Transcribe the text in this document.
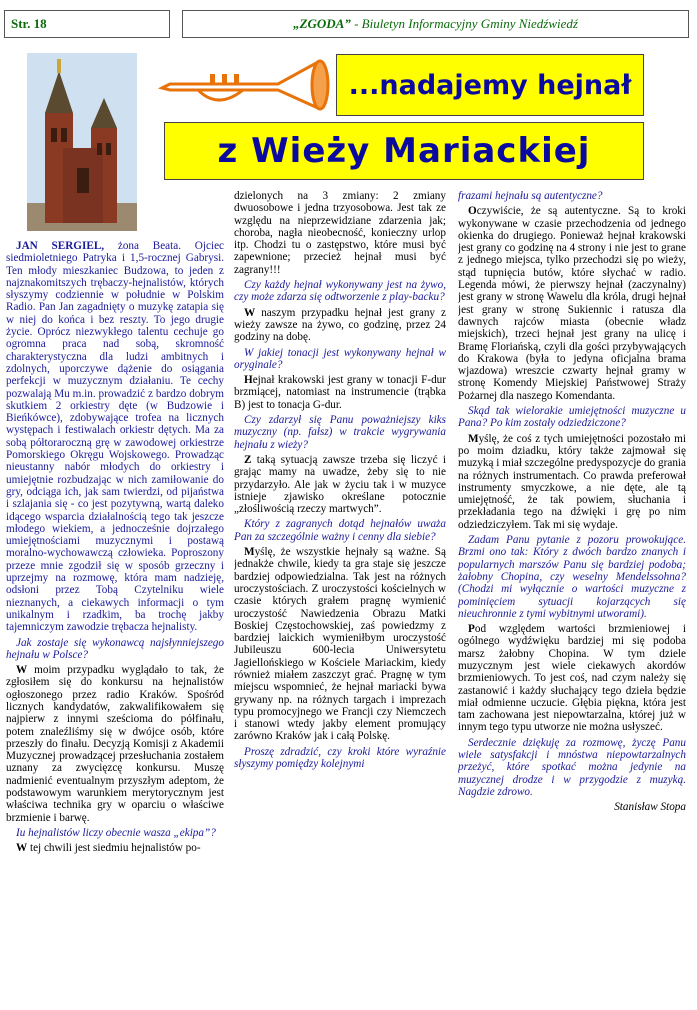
Str. 18	„ZGODA” - Biuletyn Informacyjny Gminy Niedźwiedź
...nadajemy hejnał
z Wieży Mariackiej

JAN SERGIEL, żona Beata. Ojciec siedmioletniego Patryka i 1,5-rocznej Gabrysi. Ten młody mieszkaniec Budzowa, to jeden z najznakomitszych trębaczy-hejnalistów, których słyszymy codziennie w południe w Polskim Radio. Pan Jan zagadnięty o muzykę zatapia się w niej do końca i bez reszty. To jego drugie życie. Oprócz niezwykłego talentu cechuje go ogromna praca nad sobą, skromność charakterystyczna dla ludzi ambitnych i zdolnych, uporczywe dążenie do osiągania perfekcji w muzycznym działaniu. Te cechy pozwalają Mu m.in. prowadzić z bardzo dobrym skutkiem 2 orkiestry dęte (w Budzowie i Bieńkówce), zdobywające trofea na licznych występach i festiwalach orkiestr dętych. Ma za sobą półtoraroczną grę w zawodowej orkiestrze Pomorskiego Okręgu Wojskowego. Prowadząc nieustanny nabór młodych do orkiestry i umiejętnie rozbudzając w nich zamiłowanie do gry, odciąga ich, jak sam twierdzi, od pijaństwa i szlajania się - co jest pozytywną, wartą daleko idącego wsparcia działalnością tego tak jeszcze młodego wiekiem, a jednocześnie dojrzałego umiejętnościami muzycznymi i postawą moralno-wychowawczą człowieka. Poproszony przeze mnie zgodził się w sposób grzeczny i uprzejmy na rozmowę, która mam nadzieję, odsłoni przez Tobą Czytelniku wiele nieznanych, a ciekawych informacji o tym unikalnym i rzadkim, ba trochę jakby tajemniczym zawodzie trębacza hejnalisty.

Jak zostaje się wykonawcą najsłynniejszego hejnału w Polsce?

W moim przypadku wyglądało to tak, że zgłosiłem się do konkursu na hejnalistów ogłoszonego przez radio Kraków. Spośród licznych kandydatów, zakwalifikowałem się najpierw z innymi sześcioma do półfinału, potem znaleźliśmy się w dwójce osób, które przeszły do finału. Decyzją Komisji z Akademii Muzycznej prowadzącej przesłuchania zostałem uznany za zwycięzcę konkursu. Muszę nadmienić eventualnym przyszłym adeptom, że podstawowym warunkiem merytorycznym jest właściwa technika gry w oparciu o właściwe brzmienie i barwę.

Iu hejnalistów liczy obecnie wasza „ekipa”?

W tej chwili jest siedmiu hejnalistów po-

dzielonych na 3 zmiany: 2 zmiany dwuosobowe i jedna trzyosobowa. Jest tak ze względu na nieprzewidziane zdarzenia jak; choroba, nagła nieobecność, konieczny urlop itp. Chodzi tu o zastępstwo, które musi być zapewnione; przecież hejnał musi być zagrany!!!

Czy każdy hejnał wykonywany jest na żywo, czy może zdarza się odtworzenie z play-backu?

W naszym przypadku hejnał jest grany z wieży zawsze na żywo, co godzinę, przez 24 godziny na dobę.

W jakiej tonacji jest wykonywany hejnał w oryginale?

Hejnał krakowski jest grany w tonacji F-dur brzmiącej, natomiast na instrumencie (trąbka B) jest to tonacja G-dur.

Czy zdarzył się Panu poważniejszy kiks muzyczny (np. fałsz) w trakcie wygrywania hejnału z wieży?

Z taką sytuacją zawsze trzeba się liczyć i grając mamy na uwadze, żeby się to nie przydarzyło. Ale jak w życiu tak i w muzyce istnieje zjawisko określane potocznie „złośliwością rzeczy martwych”.

Który z zagranych dotąd hejnałów uważa Pan za szczególnie ważny i cenny dla siebie?

Myślę, że wszystkie hejnały są ważne. Są jednakże chwile, kiedy ta gra staje się jeszcze bardziej odpowiedzialna. Tak jest na różnych uroczystościach. Z uroczystości kościelnych w czasie których grałem pragnę wymienić uroczystość Nawiedzenia Obrazu Matki Boskiej Częstochowskiej, zaś powiedzmy z bardziej laickich wymieniłbym uroczystość Jubileuszu 600-lecia Uniwersytetu Jagiellońskiego w Kościele Mariackim, kiedy również miałem zaszczyt grać. Pragnę w tym miejscu wspomnieć, że hejnał mariacki bywa grywany np. na różnych targach i imprezach typu promocyjnego we Francji czy Niemczech i stanowi wtedy jakby element promujący zarówno Kraków jak i całą Polskę.

Proszę zdradzić, czy kroki które wyraźnie słyszymy pomiędzy kolejnymi

frazami hejnału są autentyczne?

Oczywiście, że są autentyczne. Są to kroki wykonywane w czasie przechodzenia od jednego okienka do drugiego. Ponieważ hejnał krakowski jest grany co godzinę na 4 strony i nie jest to grane z jednego miejsca, tylko przechodzi się po wieży, stąd tupnięcia butów, które słychać w radio. Legenda mówi, że pierwszy hejnał (zaczynalny) jest grany w stronę Wawelu dla króla, drugi hejnał jest grany w stronę Sukiennic i ratusza dla dawnych rajców miasta (obecnie władz miejskich), trzeci hejnał jest grany na ulicę i Bramę Floriańską, czyli dla gości przybywających do Krakowa (była to jedyna oficjalna brama wjazdowa) wreszcie czwarty hejnał gramy w stronę Komendy Miejskiej Państwowej Straży Pożarnej dla naszego Komendanta.

Skąd tak wielorakie umiejętności muzyczne u Pana? Po kim zostały odziedziczone?

Myślę, że coś z tych umiejętności pozostało mi po moim dziadku, który także zajmował się muzyką i miał szczególne predyspozycje do grania na różnych instrumentach. Co prawda preferował instrumenty smyczkowe, a nie dęte, ale tą umiejętność, że tak powiem, słuchania i przekładania tego na dźwięki i grę po nim odziedziczyłem. Tak mi się wydaje.

Zadam Panu pytanie z pozoru prowokujące. Brzmi ono tak: Który z dwóch bardzo znanych i popularnych marszów Panu się bardziej podoba; żałobny Chopina, czy weselny Mendelssohna? (Chodzi mi wyłącznie o wartości muzyczne z pominięciem sytuacji kojarzących się nieuchronnie z tymi wybitnymi utworami).

Pod względem wartości brzmieniowej i ogólnego wydźwięku bardziej mi się podoba marsz żałobny Chopina. W tym dziele muzycznym jest wiele ciekawych akordów brzmieniowych. To jest coś, nad czym należy się zastanowić i każdy słuchający tego dzieła będzie miał odmienne uczucie. Głębia piękna, która jest tam zachowana jest niepowtarzalna, której już w innym tego typu utworze nie można usłyszeć.

Serdecznie dziękuję za rozmowę, życzę Panu wiele satysfakcji i mnóstwa niepowtarzalnych przeżyć, które spotkać można jedynie na muzycznej drodze i w przygodzie z muzyką. Nagdzie zdrowo.

Stanisław Stopa
